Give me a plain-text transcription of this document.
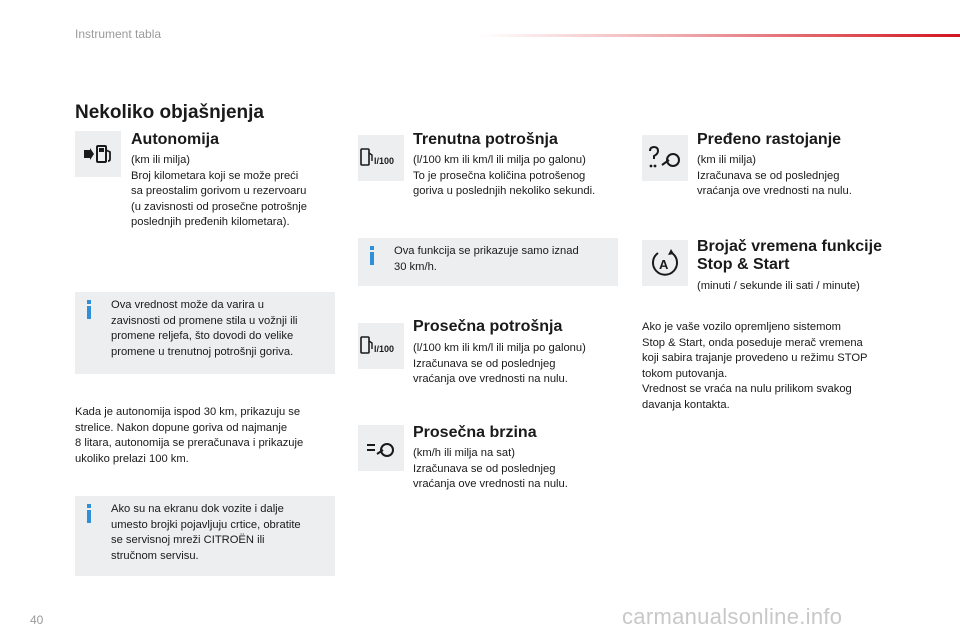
Instrument tabla
Nekoliko objašnjenja
Autonomija
(km ili milja)
Broj kilometara koji se može preći
sa preostalim gorivom u rezervoaru
(u zavisnosti od prosečne potrošnje
poslednjih pređenih kilometara).
Ova vrednost može da varira u
zavisnosti od promene stila u vožnji ili
promene reljefa, što dovodi do velike
promene u trenutnoj potrošnji goriva.
Kada je autonomija ispod 30 km, prikazuju se
strelice. Nakon dopune goriva od najmanje
8 litara, autonomija se preračunava i prikazuje
ukoliko prelazi 100 km.
Ako su na ekranu dok vozite i dalje
umesto brojki pojavljuju crtice, obratite
se servisnoj mreži CITROËN ili
stručnom servisu.
l/100
Trenutna potrošnja
(l/100 km ili km/l ili milja po galonu)
To je prosečna količina potrošenog
goriva u poslednjih nekoliko sekundi.
Ova funkcija se prikazuje samo iznad
30 km/h.
l/100
Prosečna potrošnja
(l/100 km ili km/l ili milja po galonu)
Izračunava se od poslednjeg
vraćanja ove vrednosti na nulu.
Prosečna brzina
(km/h ili milja na sat)
Izračunava se od poslednjeg
vraćanja ove vrednosti na nulu.
Pređeno rastojanje
(km ili milja)
Izračunava se od poslednjeg
vraćanja ove vrednosti na nulu.
A
Brojač vremena funkcije
Stop & Start
(minuti / sekunde ili sati / minute)
Ako je vaše vozilo opremljeno sistemom
Stop & Start, onda poseduje merač vremena
koji sabira trajanje provedeno u režimu STOP
tokom putovanja.
Vrednost se vraća na nulu prilikom svakog
davanja kontakta.
40	carmanualsonline.info
